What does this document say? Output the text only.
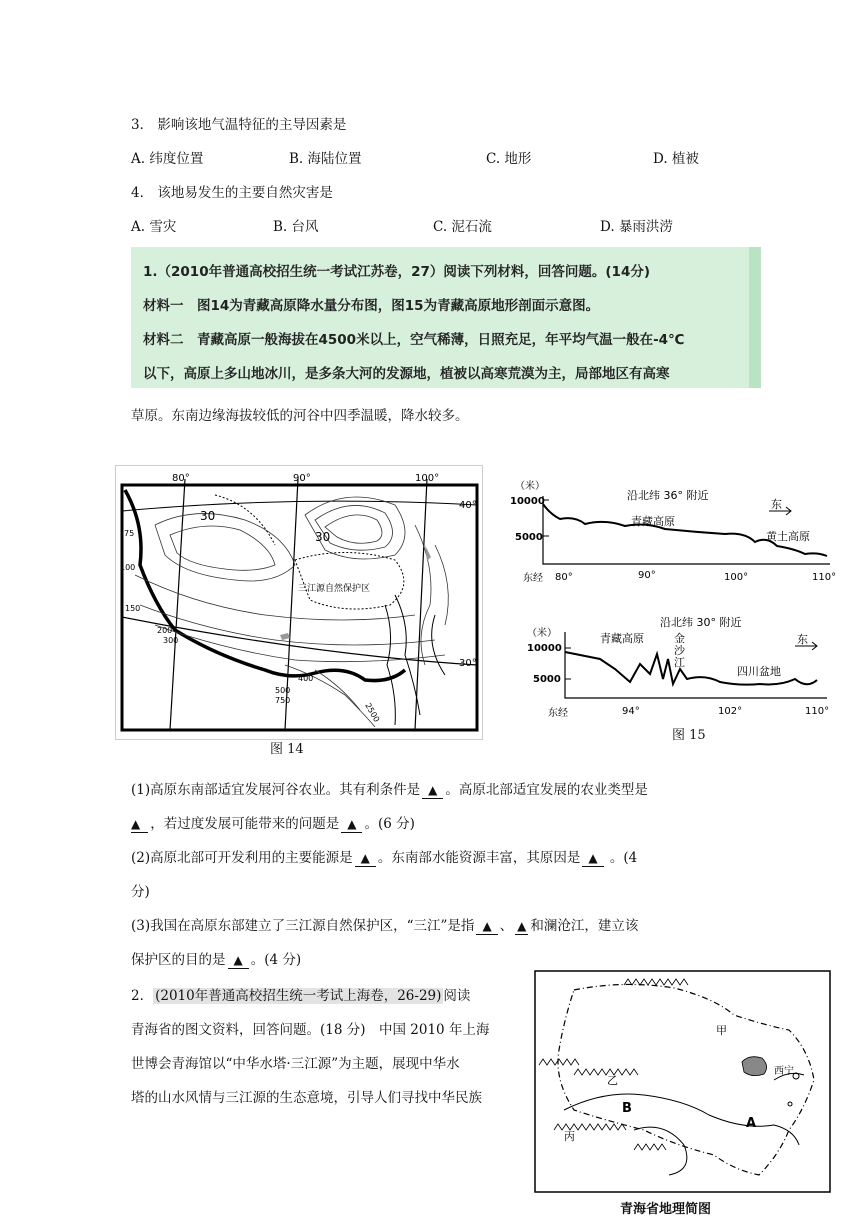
3． 影响该地气温特征的主导因素是
A. 纬度位置	B. 海陆位置	C. 地形	D. 植被
4． 该地易发生的主要自然灾害是
A. 雪灾	B. 台风	C. 泥石流	D. 暴雨洪涝
1.（2010年普通高校招生统一考试江苏卷，27）阅读下列材料，回答问题。(14分)
材料一　图14为青藏高原降水量分布图，图15为青藏高原地形剖面示意图。
材料二　青藏高原一般海拔在4500米以上，空气稀薄，日照充足，年平均气温一般在-4℃
以下，高原上多山地冰川，是多条大河的发源地，植被以高寒荒漠为主，局部地区有高寒
草原。东南边缘海拔较低的河谷中四季温暖，降水较多。
80°	90°	100°
40°
30°
30
30
75
100
150
200
300
400
500
750
2500
三江源自然保护区
图 14
（米）
沿北纬 36° 附近
东
10000
5000
青藏高原
黄土高原
东经 80°	90°	100°	110°
（米）
沿北纬 30° 附近
东
10000
5000
青藏高原	金
沙
江
四川盆地
东经	94°	102°	110°
图 15
(1)高原东南部适宜发展河谷农业。其有利条件是 ▲ 。高原北部适宜发展的农业类型是
▲ ，若过度发展可能带来的问题是 ▲ 。(6 分)
(2)高原北部可开发利用的主要能源是 ▲ 。东南部水能资源丰富，其原因是 ▲ 。(4
分)
(3)我国在高原东部建立了三江源自然保护区，“三江”是指 ▲ 、 ▲ 和澜沧江，建立该
保护区的目的是 ▲ 。(4 分)
2． (2010年普通高校招生统一考试上海卷，26-29) 阅读
青海省的图文资料，回答问题。(18 分)　中国 2010 年上海
世博会青海馆以“中华水塔·三江源”为主题，展现中华水
塔的山水风情与三江源的生态意境，引导人们寻找中华民族
甲
乙
丙
B
A
西宁
青海省地理简图
